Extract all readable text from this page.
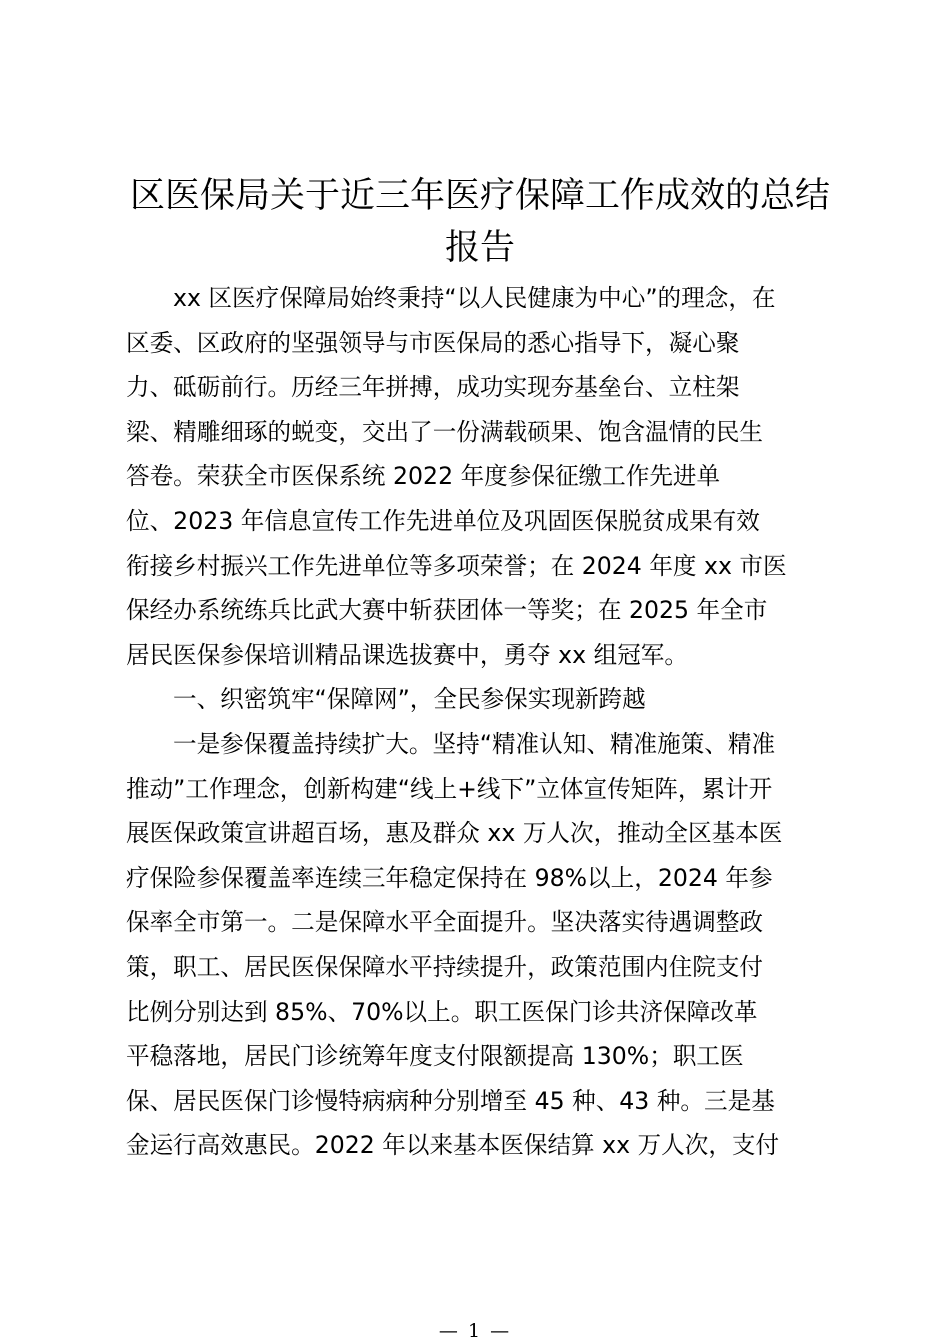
区医保局关于近三年医疗保障工作成效的总结
报告
xx 区医疗保障局始终秉持“以人民健康为中心”的理念，在
区委、区政府的坚强领导与市医保局的悉心指导下，凝心聚
力、砥砺前行。历经三年拼搏，成功实现夯基垒台、立柱架
梁、精雕细琢的蜕变，交出了一份满载硕果、饱含温情的民生
答卷。荣获全市医保系统 2022 年度参保征缴工作先进单
位、2023 年信息宣传工作先进单位及巩固医保脱贫成果有效
衔接乡村振兴工作先进单位等多项荣誉；在 2024 年度 xx 市医
保经办系统练兵比武大赛中斩获团体一等奖；在 2025 年全市
居民医保参保培训精品课选拔赛中，勇夺 xx 组冠军。
一、织密筑牢“保障网”，全民参保实现新跨越
一是参保覆盖持续扩大。坚持“精准认知、精准施策、精准
推动”工作理念，创新构建“线上+线下”立体宣传矩阵，累计开
展医保政策宣讲超百场，惠及群众 xx 万人次，推动全区基本医
疗保险参保覆盖率连续三年稳定保持在 98%以上，2024 年参
保率全市第一。二是保障水平全面提升。坚决落实待遇调整政
策，职工、居民医保保障水平持续提升，政策范围内住院支付
比例分别达到 85%、70%以上。职工医保门诊共济保障改革
平稳落地，居民门诊统筹年度支付限额提高 130%；职工医
保、居民医保门诊慢特病病种分别增至 45 种、43 种。三是基
金运行高效惠民。2022 年以来基本医保结算 xx 万人次，支付
— 1 —
